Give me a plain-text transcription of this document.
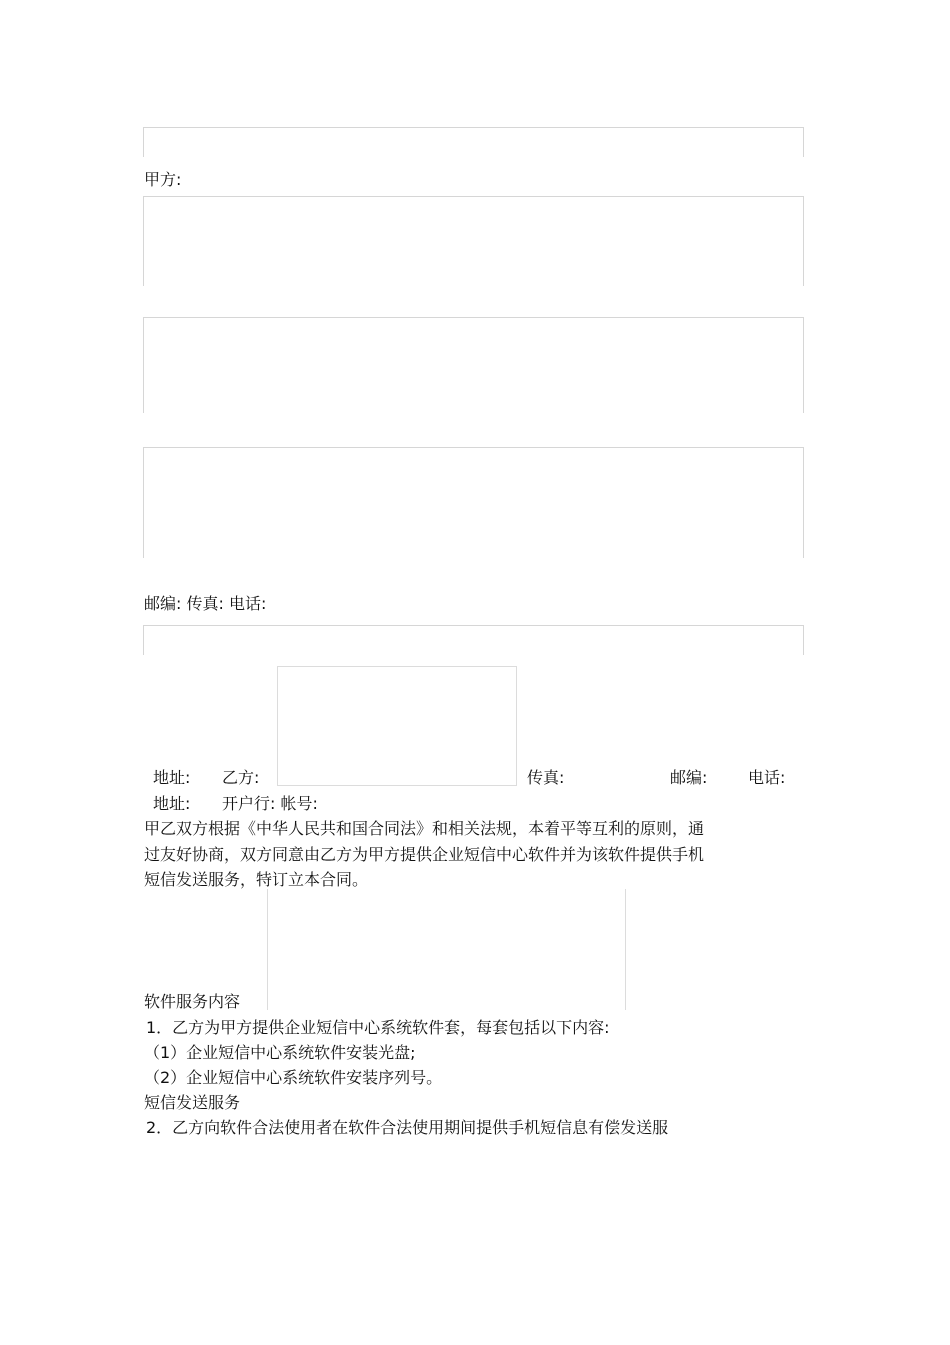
甲方:
邮编: 传真: 电话:
地址: 乙方:	传真:	邮编:	电话:
地址: 开户行: 帐号:
甲乙双方根据《中华人民共和国合同法》和相关法规，本着平等互利的原则，通
过友好协商，双方同意由乙方为甲方提供企业短信中心软件并为该软件提供手机
短信发送服务，特订立本合同。
软件服务内容
1．乙方为甲方提供企业短信中心系统软件套，每套包括以下内容:
（1）企业短信中心系统软件安装光盘;
（2）企业短信中心系统软件安装序列号。
短信发送服务
2．乙方向软件合法使用者在软件合法使用期间提供手机短信息有偿发送服
